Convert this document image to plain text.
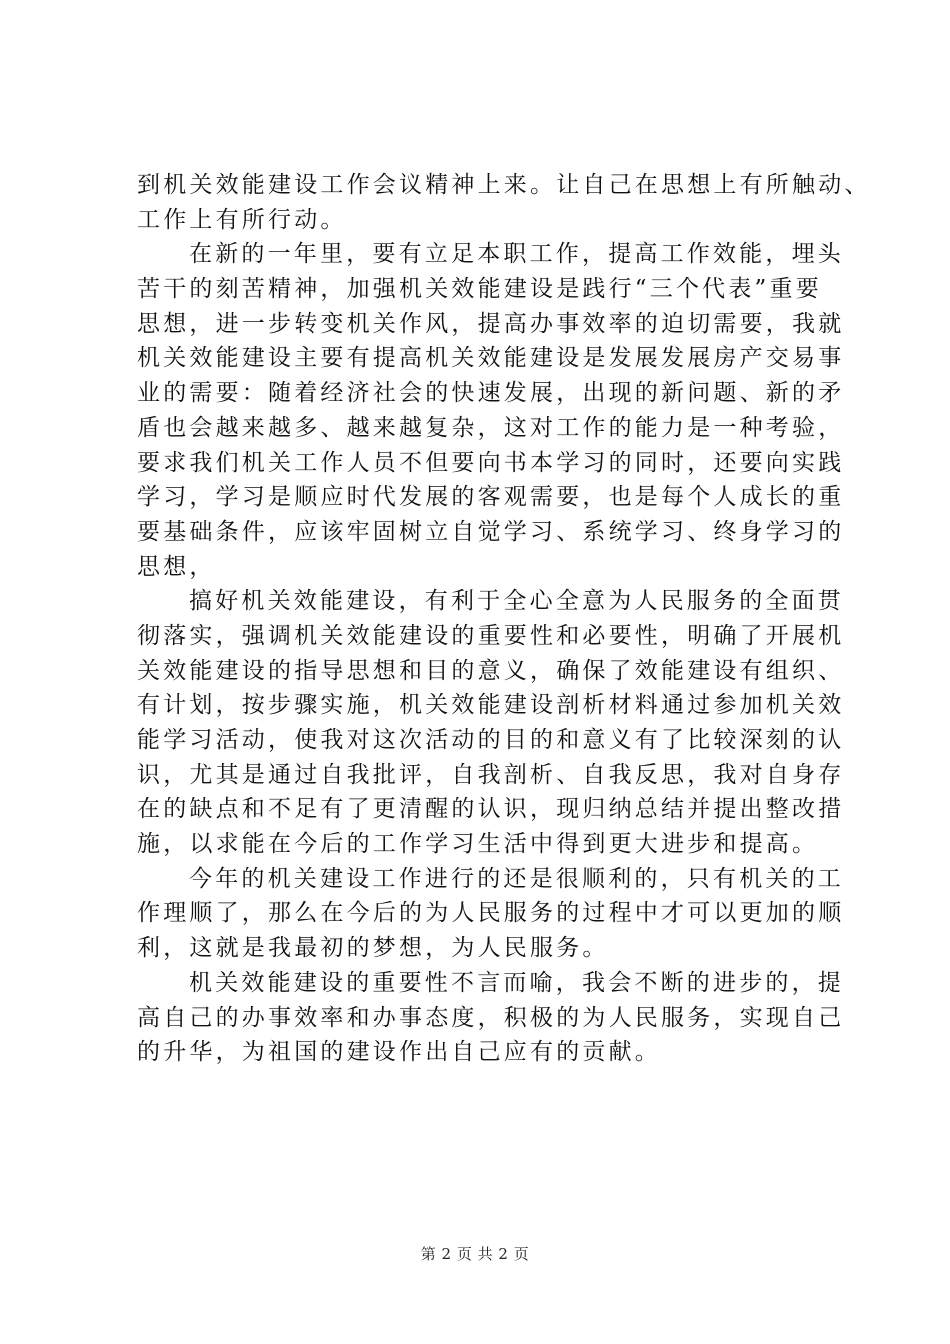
到机关效能建设工作会议精神上来。让自己在思想上有所触动、
工作上有所行动。
在新的一年里，要有立足本职工作，提高工作效能，埋头
苦干的刻苦精神，加强机关效能建设是践行“三个代表”重要
思想，进一步转变机关作风，提高办事效率的迫切需要，我就
机关效能建设主要有提高机关效能建设是发展发展房产交易事
业的需要：随着经济社会的快速发展，出现的新问题、新的矛
盾也会越来越多、越来越复杂，这对工作的能力是一种考验，
要求我们机关工作人员不但要向书本学习的同时，还要向实践
学习，学习是顺应时代发展的客观需要，也是每个人成长的重
要基础条件，应该牢固树立自觉学习、系统学习、终身学习的
思想，
搞好机关效能建设，有利于全心全意为人民服务的全面贯
彻落实，强调机关效能建设的重要性和必要性，明确了开展机
关效能建设的指导思想和目的意义，确保了效能建设有组织、
有计划，按步骤实施，机关效能建设剖析材料通过参加机关效
能学习活动，使我对这次活动的目的和意义有了比较深刻的认
识，尤其是通过自我批评，自我剖析、自我反思，我对自身存
在的缺点和不足有了更清醒的认识，现归纳总结并提出整改措
施，以求能在今后的工作学习生活中得到更大进步和提高。
今年的机关建设工作进行的还是很顺利的，只有机关的工
作理顺了，那么在今后的为人民服务的过程中才可以更加的顺
利，这就是我最初的梦想，为人民服务。
机关效能建设的重要性不言而喻，我会不断的进步的，提
高自己的办事效率和办事态度，积极的为人民服务，实现自己
的升华，为祖国的建设作出自己应有的贡献。
第 2 页 共 2 页
